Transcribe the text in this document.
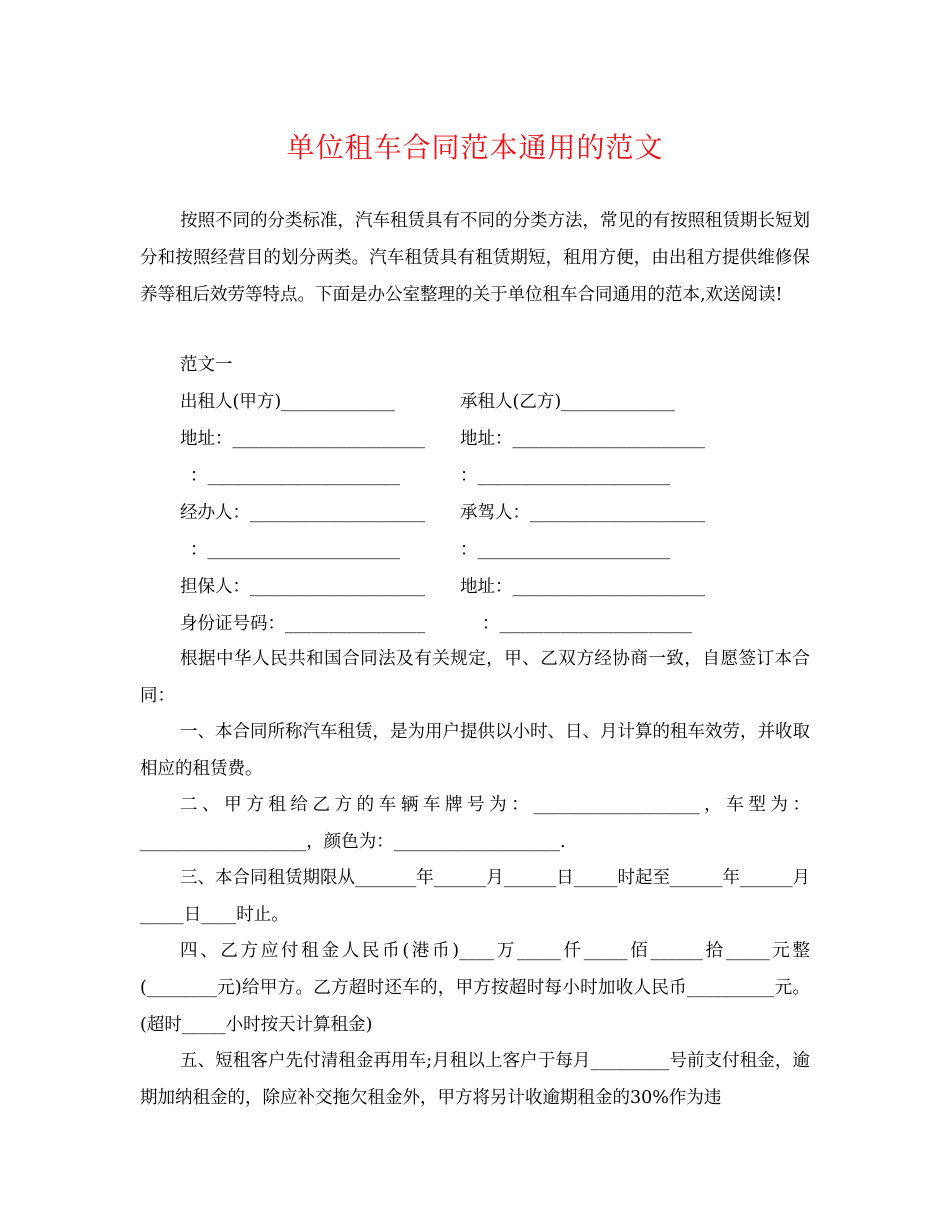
单位租车合同范本通用的范文

按照不同的分类标准，汽车租赁具有不同的分类方法，常见的有按照租赁期长短划分和按照经营目的划分两类。汽车租赁具有租赁期短，租用方便，由出租方提供维修保养等租后效劳等特点。下面是办公室整理的关于单位租车合同通用的范本,欢送阅读!

范文一
出租人(甲方)_____________	承租人(乙方)_____________
地址：______________________ 地址：______________________
：______________________	：______________________
经办人：____________________ 承驾人：____________________
：______________________	：______________________
担保人：____________________ 地址：______________________
身份证号码：________________	：______________________

根据中华人民共和国合同法及有关规定，甲、乙双方经协商一致，自愿签订本合同：

一、本合同所称汽车租赁，是为用户提供以小时、日、月计算的租车效劳，并收取相应的租赁费。

二、甲方租给乙方的车辆车牌号为：___________________，车型为：___________________，颜色为：___________________.

三、本合同租赁期限从_______年______月______日_____时起至______年______月_____日____时止。

四、乙方应付租金人民币(港币)____万_____仟_____佰______拾_____元整(________元)给甲方。乙方超时还车的，甲方按超时每小时加收人民币__________元。(超时_____小时按天计算租金)

五、短租客户先付清租金再用车;月租以上客户于每月_________号前支付租金，逾期加纳租金的，除应补交拖欠租金外，甲方将另计收逾期租金的30%作为违
